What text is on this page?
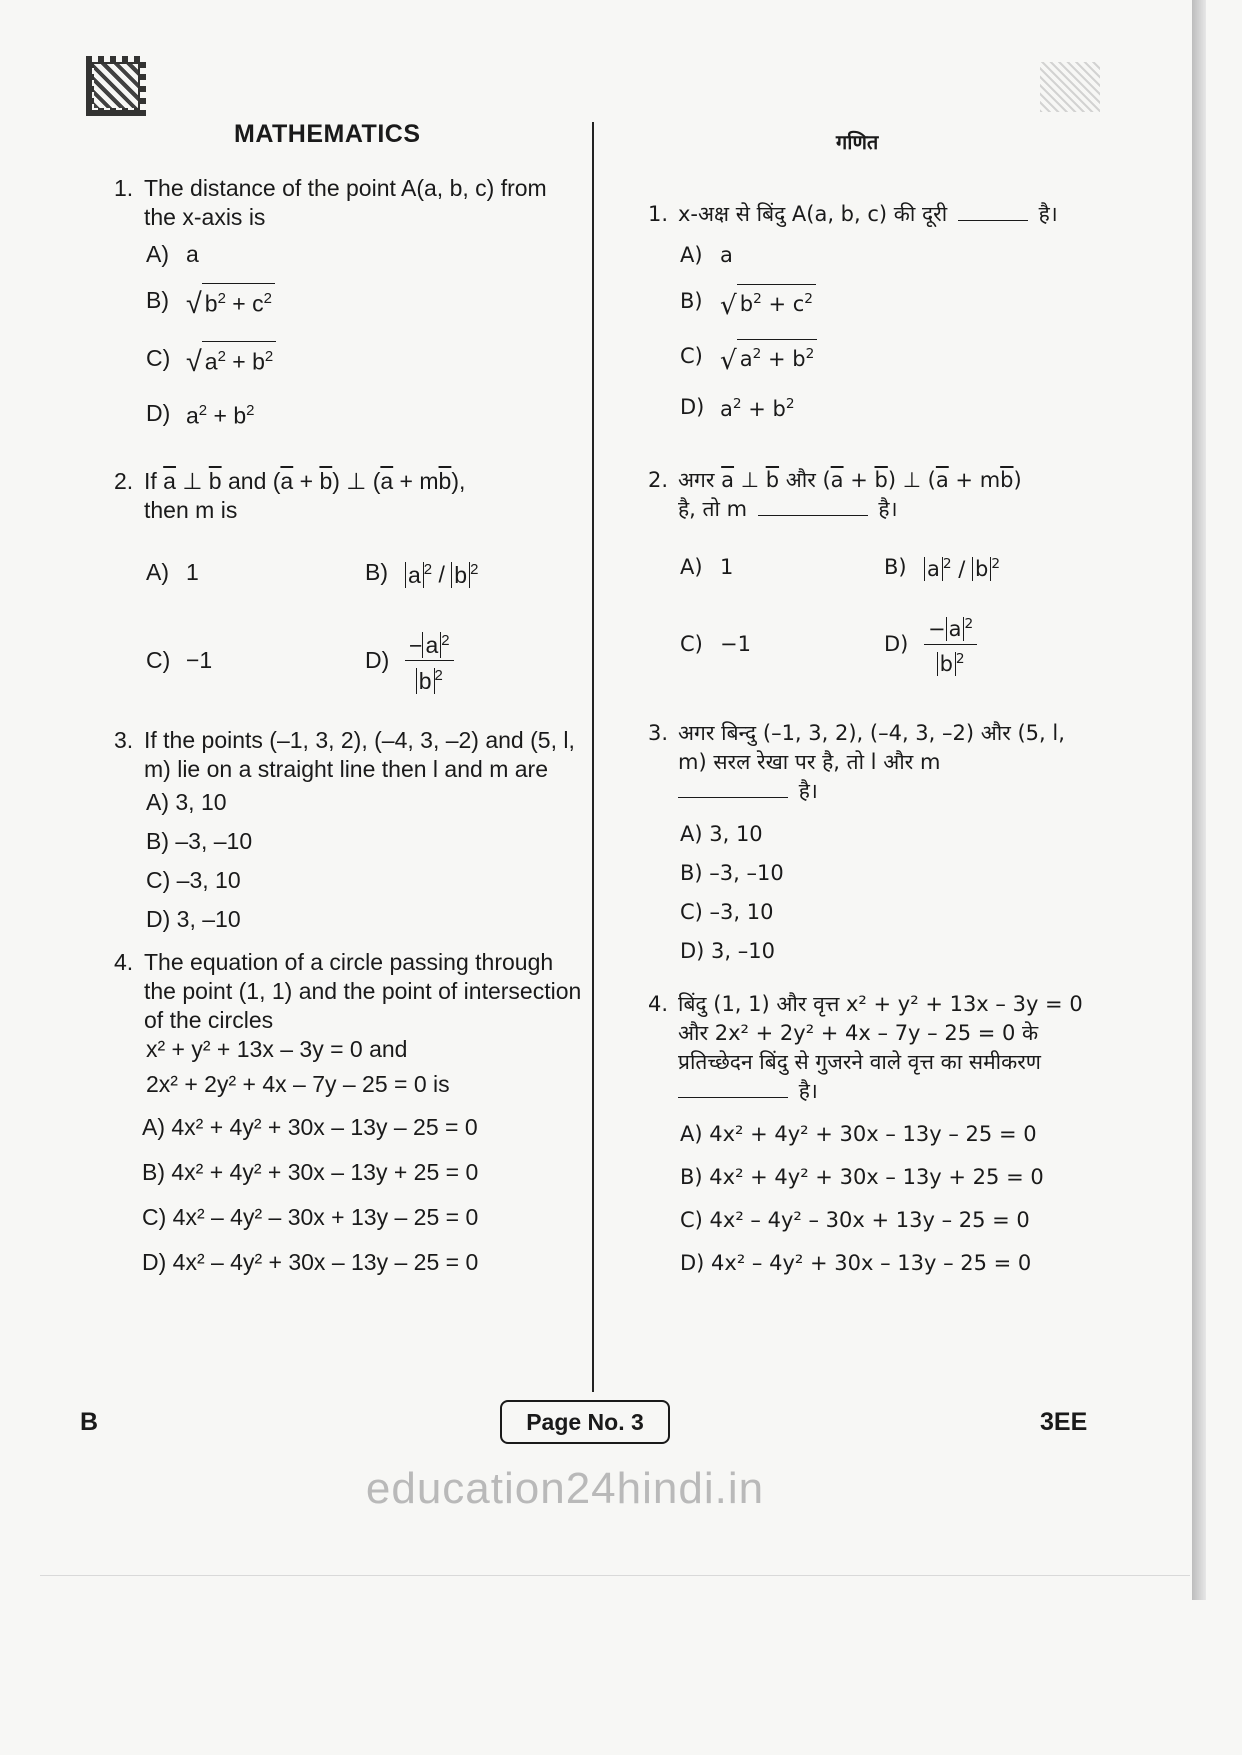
MATHEMATICS	गणित
1. The distance of the point A(a, b, c) from the x-axis is
A) a
B) √ $b^2 + c^2$
C) √ $a^2 + b^2$
D) $a^2 + b^2$
2. If $\overline{a}$ ⊥ $\overline{b}$ and $(\overline{a} + \overline{b})$ ⊥ $(\overline{a} + m\overline{b})$,
then m is
A) 1	B) a $^2$ / b $^2$
C) −1	$D) \frac{- a ^2}{b ^2}$
3. If the points (–1, 3, 2), (–4, 3, –2) and (5, l, m) lie on a straight line then l and m are
A) 3, 10
B) –3, –10
C) –3, 10
D) 3, –10
4. The equation of a circle passing through the point (1, 1) and the point of intersection of the circles
x² + y² + 13x – 3y = 0 and
2x² + 2y² + 4x – 7y – 25 = 0 is
A) 4x² + 4y² + 30x – 13y – 25 = 0
B) 4x² + 4y² + 30x – 13y + 25 = 0
C) 4x² – 4y² – 30x + 13y – 25 = 0
D) 4x² – 4y² + 30x – 13y – 25 = 0
1. x-अक्ष से बिंदु A(a, b, c) की दूरी	है।
A) a
B) √ $b^2 + c^2$
C) √ $a^2 + b^2$
D) $a^2 + b^2$
2. अगर $\overline{a}$ ⊥ $\overline{b}$ और $(\overline{a} + \overline{b})$ ⊥ $(\overline{a} + m\overline{b})$
है, तो m	है।
A) 1	B) a $^2$ / b $^2$
C) −1	$D) \frac{- a ^2}{b ^2}$
3. अगर बिन्दु (–1, 3, 2), (–4, 3, –2) और (5, l, m) सरल रेखा पर है, तो l और m
है।
A) 3, 10
B) –3, –10
C) –3, 10
D) 3, –10
4. बिंदु (1, 1) और वृत्त x² + y² + 13x – 3y = 0
और 2x² + 2y² + 4x – 7y – 25 = 0 के
प्रतिच्छेदन बिंदु से गुजरने वाले वृत्त का समीकरण
है।
A) 4x² + 4y² + 30x – 13y – 25 = 0
B) 4x² + 4y² + 30x – 13y + 25 = 0
C) 4x² – 4y² – 30x + 13y – 25 = 0
D) 4x² – 4y² + 30x – 13y – 25 = 0
B	Page No. 3	3EE
education24hindi.in
